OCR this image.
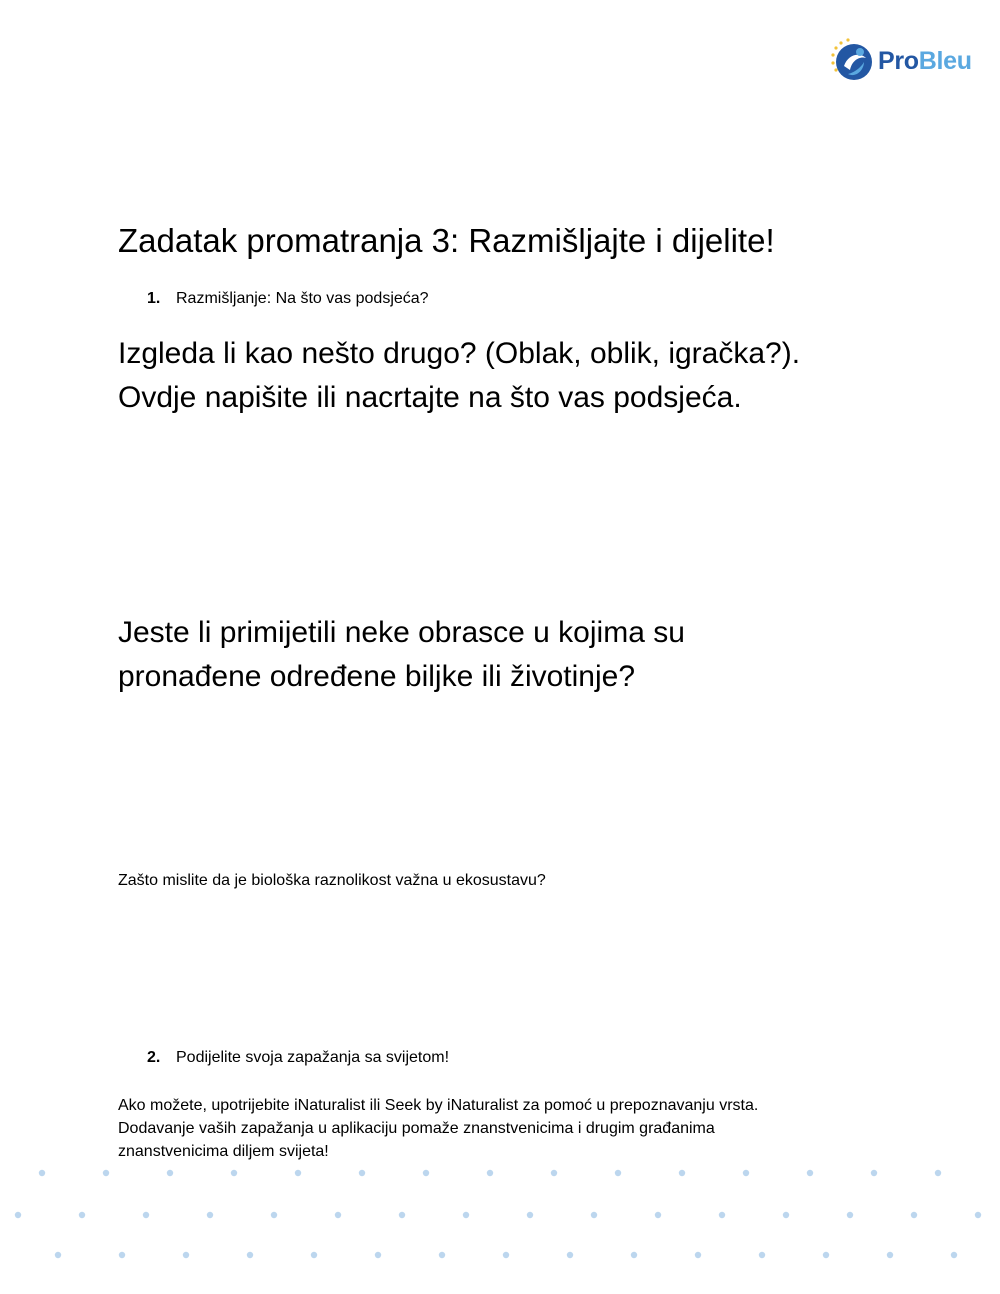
ProBleu
Zadatak promatranja 3: Razmišljajte i dijelite!
1. Razmišljanje: Na što vas podsjeća?

Izgleda li kao nešto drugo? (Oblak, oblik, igračka?).
Ovdje napišite ili nacrtajte na što vas podsjeća.

Jeste li primijetili neke obrasce u kojima su
pronađene određene biljke ili životinje?

Zašto mislite da je biološka raznolikost važna u ekosustavu?

2. Podijelite svoja zapažanja sa svijetom!

Ako možete, upotrijebite iNaturalist ili Seek by iNaturalist za pomoć u prepoznavanju vrsta.
Dodavanje vaših zapažanja u aplikaciju pomaže znanstvenicima i drugim građanima
znanstvenicima diljem svijeta!
